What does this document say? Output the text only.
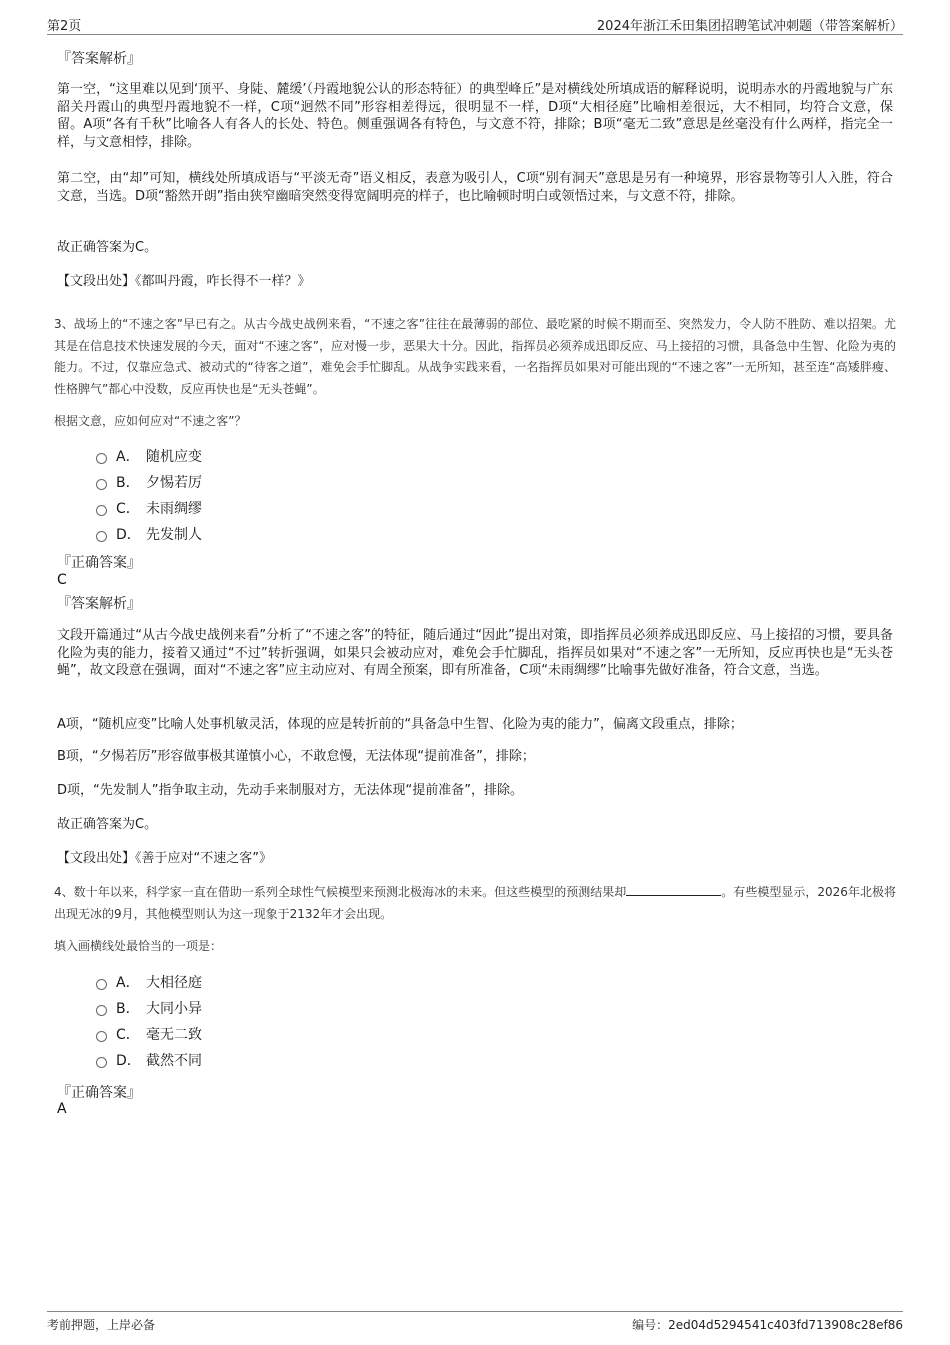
第2页	2024年浙江禾田集团招聘笔试冲刺题（带答案解析）
『答案解析』
第一空，“这里难以见到‘顶平、身陡、麓缓’（丹霞地貌公认的形态特征）的典型峰丘”是对横线处所填成语的解释说明，说明赤水的丹霞地貌与广东韶关丹霞山的典型丹霞地貌不一样，C项“迥然不同”形容相差得远，很明显不一样，D项“大相径庭”比喻相差很远，大不相同，均符合文意，保留。A项“各有千秋”比喻各人有各人的长处、特色。侧重强调各有特色，与文意不符，排除；B项“毫无二致”意思是丝毫没有什么两样，指完全一样，与文意相悖，排除。
第二空，由“却”可知，横线处所填成语与“平淡无奇”语义相反，表意为吸引人，C项“别有洞天”意思是另有一种境界，形容景物等引人入胜，符合文意，当选。D项“豁然开朗”指由狭窄幽暗突然变得宽阔明亮的样子，也比喻顿时明白或领悟过来，与文意不符，排除。
故正确答案为C。
【文段出处】《都叫丹霞，咋长得不一样？》
3、战场上的“不速之客”早已有之。从古今战史战例来看，“不速之客”往往在最薄弱的部位、最吃紧的时候不期而至、突然发力，令人防不胜防、难以招架。尤其是在信息技术快速发展的今天，面对“不速之客”，应对慢一步，恶果大十分。因此，指挥员必须养成迅即反应、马上接招的习惯，具备急中生智、化险为夷的能力。不过，仅靠应急式、被动式的“待客之道”，难免会手忙脚乱。从战争实践来看，一名指挥员如果对可能出现的“不速之客”一无所知，甚至连“高矮胖瘦、性格脾气”都心中没数，反应再快也是“无头苍蝇”。
根据文意，应如何应对“不速之客”？
A． 随机应变
B． 夕惕若厉
C． 未雨绸缪
D． 先发制人
『正确答案』
C
『答案解析』
文段开篇通过“从古今战史战例来看”分析了“不速之客”的特征，随后通过“因此”提出对策，即指挥员必须养成迅即反应、马上接招的习惯，要具备化险为夷的能力，接着又通过“不过”转折强调，如果只会被动应对，难免会手忙脚乱，指挥员如果对“不速之客”一无所知，反应再快也是“无头苍蝇”，故文段意在强调，面对“不速之客”应主动应对、有周全预案，即有所准备，C项“未雨绸缪”比喻事先做好准备，符合文意，当选。
A项，“随机应变”比喻人处事机敏灵活，体现的应是转折前的“具备急中生智、化险为夷的能力”，偏离文段重点，排除；
B项，“夕惕若厉”形容做事极其谨慎小心，不敢怠慢，无法体现“提前准备”，排除；
D项，“先发制人”指争取主动，先动手来制服对方，无法体现“提前准备”，排除。
故正确答案为C。
【文段出处】《善于应对“不速之客”》
4、数十年以来，科学家一直在借助一系列全球性气候模型来预测北极海冰的未来。但这些模型的预测结果却	。有些模型显示，2026年北极将出现无冰的9月，其他模型则认为这一现象于2132年才会出现。
填入画横线处最恰当的一项是：
A． 大相径庭
B． 大同小异
C． 毫无二致
D． 截然不同
『正确答案』
A
考前押题，上岸必备	编号：2ed04d5294541c403fd713908c28ef86
